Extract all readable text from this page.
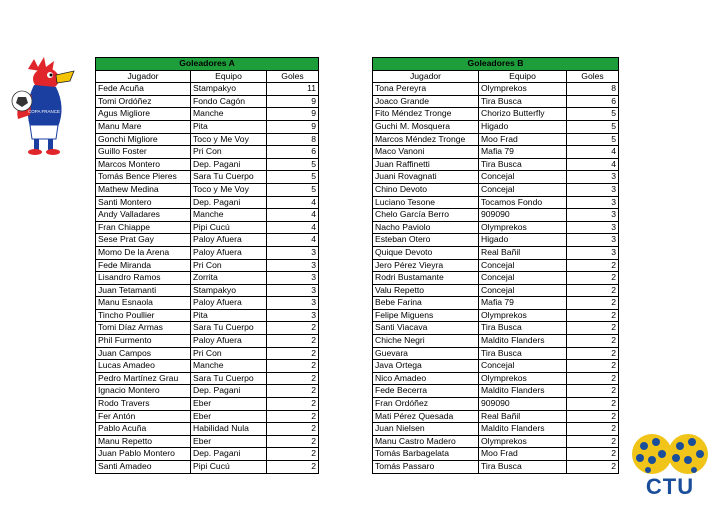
COPA FRANCE
Goleadores A		
Jugador	Equipo	Goles
Fede Acuña	Stampakyo	11
Tomi Ordóñez	Fondo Cagón	9
Agus Migliore	Manche	9
Manu Mare	Pita	9
Gonchi Migliore	Toco y Me Voy	8
Guillo Foster	Pri Con	6
Marcos Montero	Dep. Pagani	5
Tomás Bence Pieres	Sara Tu Cuerpo	5
Mathew Medina	Toco y Me Voy	5
Santi Montero	Dep. Pagani	4
Andy Valladares	Manche	4
Fran Chiappe	Pipi Cucú	4
Sese Prat Gay	Paloy Afuera	4
Momo De la Arena	Paloy Afuera	3
Fede Miranda	Pri Con	3
Lisandro Ramos	Zorrita	3
Juan Tetamanti	Stampakyo	3
Manu Esnaola	Paloy Afuera	3
Tincho Poullier	Pita	3
Tomi Díaz Armas	Sara Tu Cuerpo	2
Phil Furmento	Paloy Afuera	2
Juan Campos	Pri Con	2
Lucas Amadeo	Manche	2
Pedro Martínez Grau	Sara Tu Cuerpo	2
Ignacio Montero	Dep. Pagani	2
Rodo Travers	Eber	2
Fer Antón	Eber	2
Pablo Acuña	Habilidad Nula	2
Manu Repetto	Eber	2
Juan Pablo Montero	Dep. Pagani	2
Santi Amadeo	Pipi Cucú	2
Goleadores B		
Jugador	Equipo	Goles
Tona Pereyra	Olymprekos	8
Joaco Grande	Tira Busca	6
Fito Méndez Tronge	Chorizo Butterfly	5
Guchi M. Mosquera	Higado	5
Marcos Méndez Tronge	Moo Frad	5
Maco Vanoni	Mafia 79	4
Juan Raffinetti	Tira Busca	4
Juani Rovagnati	Concejal	3
Chino Devoto	Concejal	3
Luciano Tesone	Tocamos Fondo	3
Chelo García Berro	909090	3
Nacho Paviolo	Olymprekos	3
Esteban Otero	Higado	3
Quique Devoto	Real Bañil	3
Jero Pérez Vieyra	Concejal	2
Rodri Bustamante	Concejal	2
Valu Repetto	Concejal	2
Bebe Farina	Mafia 79	2
Felipe Miguens	Olymprekos	2
Santi Viacava	Tira Busca	2
Chiche Negri	Maldito Flanders	2
Guevara	Tira Busca	2
Java Ortega	Concejal	2
Nico Amadeo	Olymprekos	2
Fede Becerra	Maldito Flanders	2
Fran Ordóñez	909090	2
Mati Pérez Quesada	Real Bañil	2
Juan Nielsen	Maldito Flanders	2
Manu Castro Madero	Olymprekos	2
Tomás Barbagelata	Moo Frad	2
Tomás Passaro	Tira Busca	2
CTU
